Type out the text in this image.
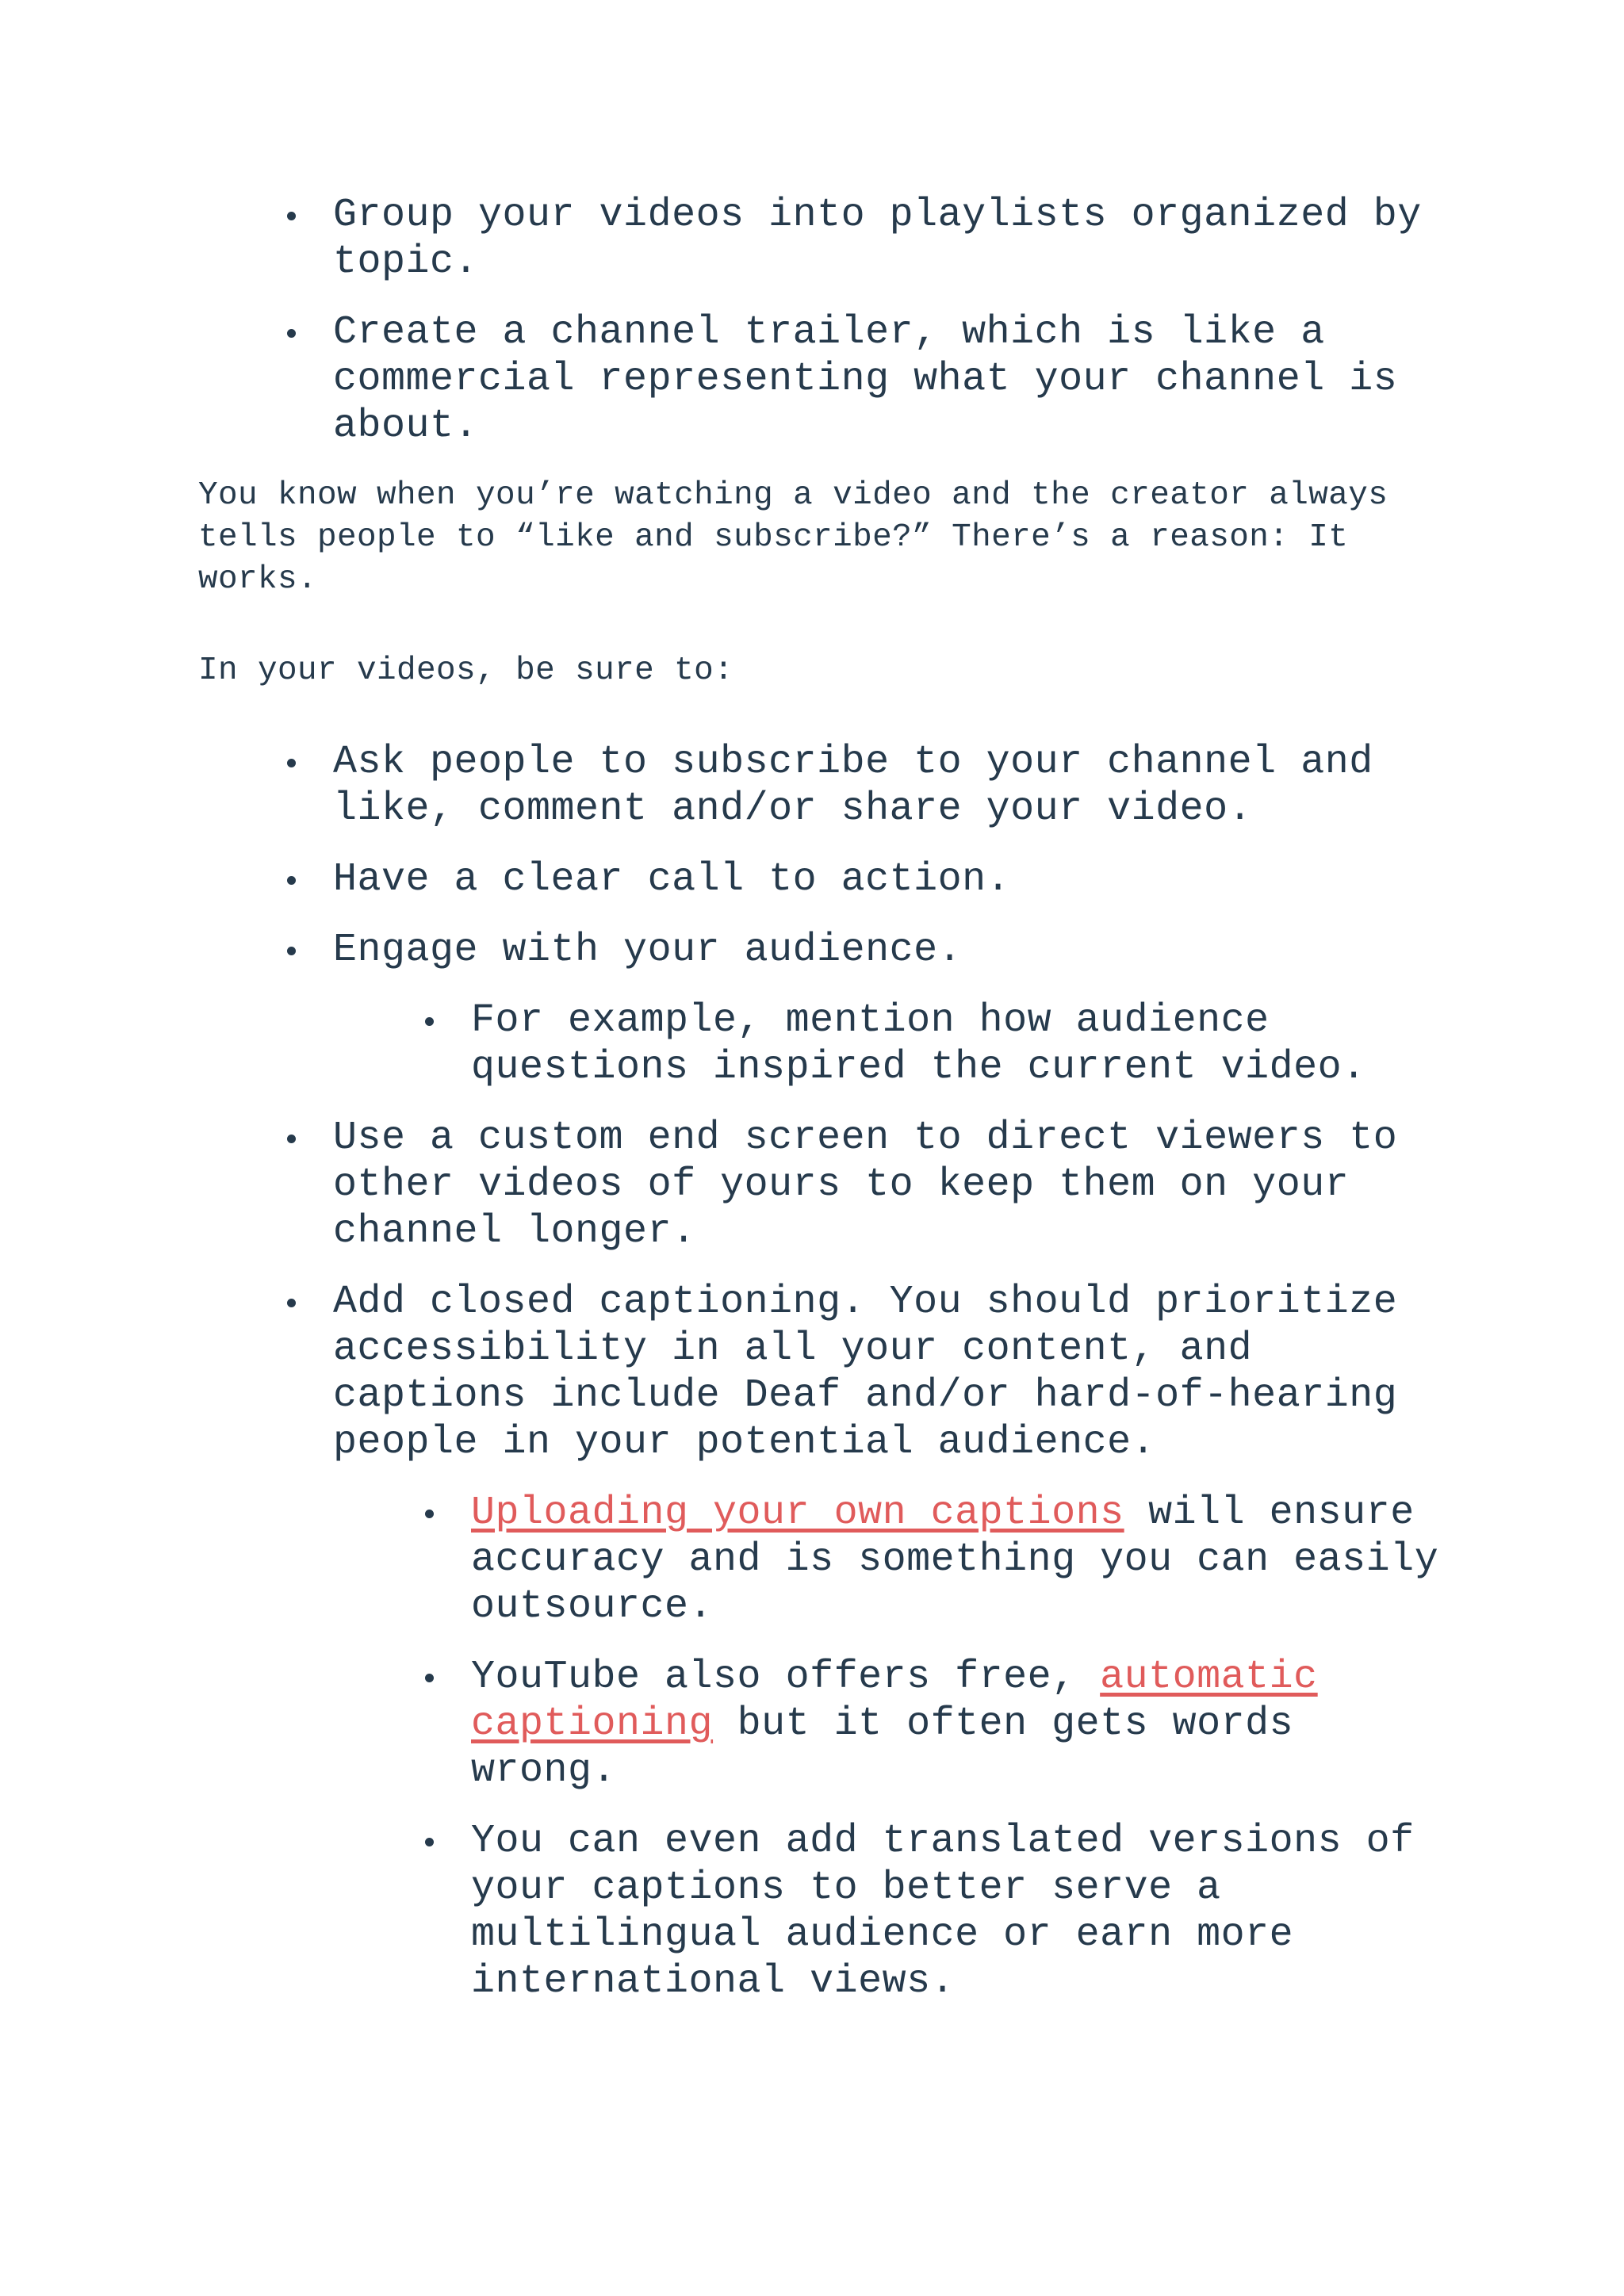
Group your videos into playlists organized by topic.
Create a channel trailer, which is like a commercial representing what your channel is about.

You know when you’re watching a video and the creator always tells people to “like and subscribe?” There’s a reason: It works.

In your videos, be sure to:

Ask people to subscribe to your channel and like, comment and/or share your video.
Have a clear call to action.
Engage with your audience.
For example, mention how audience questions inspired the current video.
Use a custom end screen to direct viewers to other videos of yours to keep them on your channel longer.
Add closed captioning. You should prioritize accessibility in all your content, and captions include Deaf and/or hard-of-hearing people in your potential audience.
Uploading your own captions will ensure accuracy and is something you can easily outsource.
YouTube also offers free, automatic captioning but it often gets words wrong.
You can even add translated versions of your captions to better serve a multilingual audience or earn more international views.
